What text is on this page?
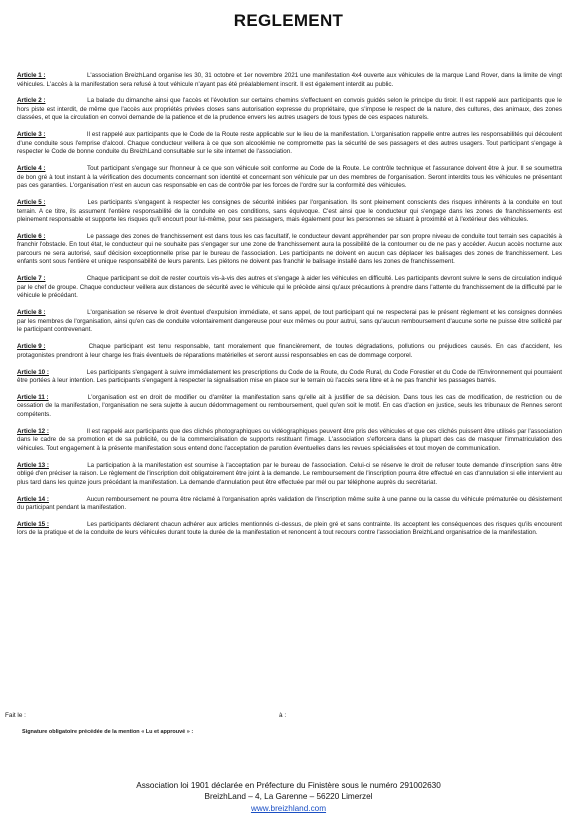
REGLEMENT

Article 1 :	L'association BreizhLand organise les 30, 31 octobre et 1er novembre 2021 une manifestation 4x4 ouverte aux véhicules de la marque Land Rover, dans la limite de vingt véhicules. L'accès à la manifestation sera refusé à tout véhicule n'ayant pas été préalablement inscrit. Il est également interdit au public.

Article 2 :	La balade du dimanche ainsi que l'accès et l'évolution sur certains chemins s'effectuent en convois guidés selon le principe du tiroir. Il est rappelé aux participants que le hors piste est interdit, de même que l'accès aux propriétés privées closes sans autorisation expresse du propriétaire, que s'impose le respect de la nature, des cultures, des animaux, des zones classées, et que la circulation en convoi demande de la patience et de la prudence envers les autres usagers de tous types de ces espaces naturels.

Article 3 :	Il est rappelé aux participants que le Code de la Route reste applicable sur le lieu de la manifestation. L'organisation rappelle entre autres les responsabilités qui découlent d'une conduite sous l'emprise d'alcool. Chaque conducteur veillera à ce que son alcoolémie ne compromette pas la sécurité de ses passagers et des autres usagers. Tout participant s'engage à respecter le Code de bonne conduite du BreizhLand consultable sur le site internet de l'association.

Article 4 :	Tout participant s'engage sur l'honneur à ce que son véhicule soit conforme au Code de la Route. Le contrôle technique et l'assurance doivent être à jour. Il se soumettra de bon gré à tout instant à la vérification des documents concernant son identité et concernant son véhicule par un des membres de l'organisation. Seront interdits tous les véhicules ne présentant pas ces garanties. L'organisation n'est en aucun cas responsable en cas de contrôle par les forces de l'ordre sur la conformité des véhicules.

Article 5 :	Les participants s'engagent à respecter les consignes de sécurité initiées par l'organisation. Ils sont pleinement conscients des risques inhérents à la conduite en tout terrain. A ce titre, ils assument l'entière responsabilité de la conduite en ces conditions, sans équivoque. C'est ainsi que le conducteur qui s'engage dans les zones de franchissements est pleinement responsable et supporte les risques qu'il encourt pour lui-même, pour ses passagers, mais également pour les personnes se situant à proximité et à l'extérieur des véhicules.

Article 6 :	Le passage des zones de franchissement est dans tous les cas facultatif, le conducteur devant appréhender par son propre niveau de conduite tout terrain ses capacités à franchir l'obstacle. En tout état, le conducteur qui ne souhaite pas s'engager sur une zone de franchissement aura la possibilité de la contourner ou de ne pas y accéder. Aucun accès nocturne aux parcours ne sera autorisé, sauf décision exceptionnelle prise par le bureau de l'association. Les participants ne doivent en aucun cas déplacer les balisages des zones de franchissement. Les enfants sont sous l'entière et unique responsabilité de leurs parents. Les piétons ne doivent pas franchir le balisage installé dans les zones de franchissement.

Article 7 :	Chaque participant se doit de rester courtois vis-à-vis des autres et s'engage à aider les véhicules en difficulté. Les participants devront suivre le sens de circulation indiqué par le chef de groupe. Chaque conducteur veillera aux distances de sécurité avec le véhicule qui le précède ainsi qu'aux précautions à prendre dans l'attente du franchissement de la difficulté par le véhicule le précédant.

Article 8 :	L'organisation se réserve le droit éventuel d'expulsion immédiate, et sans appel, de tout participant qui ne respecterai pas le présent règlement et les consignes données par les membres de l'organisation, ainsi qu'en cas de conduite volontairement dangereuse pour eux mêmes ou pour autrui, sans qu'aucun remboursement d'aucune sorte ne puisse être sollicité par le participant contrevenant.

Article 9 :	Chaque participant est tenu responsable, tant moralement que financièrement, de toutes dégradations, pollutions ou préjudices causés. En cas d'accident, les protagonistes prendront à leur charge les frais éventuels de réparations matérielles et seront aussi responsables en cas de dommage corporel.

Article 10 :	Les participants s'engagent à suivre immédiatement les prescriptions du Code de la Route, du Code Rural, du Code Forestier et du Code de l'Environnement qui pourraient être portées à leur intention. Les participants s'engagent à respecter la signalisation mise en place sur le terrain où l'accès sera libre et à ne pas franchir les passages barrés.

Article 11 :	L'organisation est en droit de modifier ou d'arrêter la manifestation sans qu'elle ait à justifier de sa décision. Dans tous les cas de modification, de restriction ou de cessation de la manifestation, l'organisation ne sera sujette à aucun dédommagement ou remboursement, quel qu'en soit le motif. En cas d'action en justice, seuls les tribunaux de Rennes seront compétents.

Article 12 :	Il est rappelé aux participants que des clichés photographiques ou vidéographiques peuvent être pris des véhicules et que ces clichés puissent être utilisés par l'association dans le cadre de sa promotion et de sa publicité, ou de la commercialisation de supports restituant l'image. L'association s'efforcera dans la plupart des cas de masquer l'immatriculation des véhicules. Tout engagement à la présente manifestation sous entend donc l'acceptation de parution éventuelles dans les revues spécialisées et tout moyen de communication.

Article 13 :	La participation à la manifestation est soumise à l'acceptation par le bureau de l'association. Celui-ci se réserve le droit de refuser toute demande d'inscription sans être obligé d'en préciser la raison. Le règlement de l'inscription doit obligatoirement être joint à la demande. Le remboursement de l'inscription pourra être effectué en cas d'annulation si elle intervient au plus tard dans les quinze jours précédant la manifestation. La demande d'annulation peut être effectuée par mél ou par téléphone auprès du secrétariat.

Article 14 :	Aucun remboursement ne pourra être réclamé à l'organisation après validation de l'inscription même suite à une panne ou la casse du véhicule prématurée ou désistement du participant pendant la manifestation.

Article 15 :	Les participants déclarent chacun adhérer aux articles mentionnés ci-dessus, de plein gré et sans contrainte. Ils acceptent les conséquences des risques qu'ils encourent lors de la pratique et de la conduite de leurs véhicules durant toute la durée de la manifestation et renoncent à tout recours contre l'association BreizhLand organisatrice de la manifestation.

Fait le :	à :
Signature obligatoire précédée de la mention « Lu et approuvé » :
Association loi 1901 déclarée en Préfecture du Finistère sous le numéro 291002630
BreizhLand – 4, La Garenne – 56220 Limerzel
www.breizhland.com
